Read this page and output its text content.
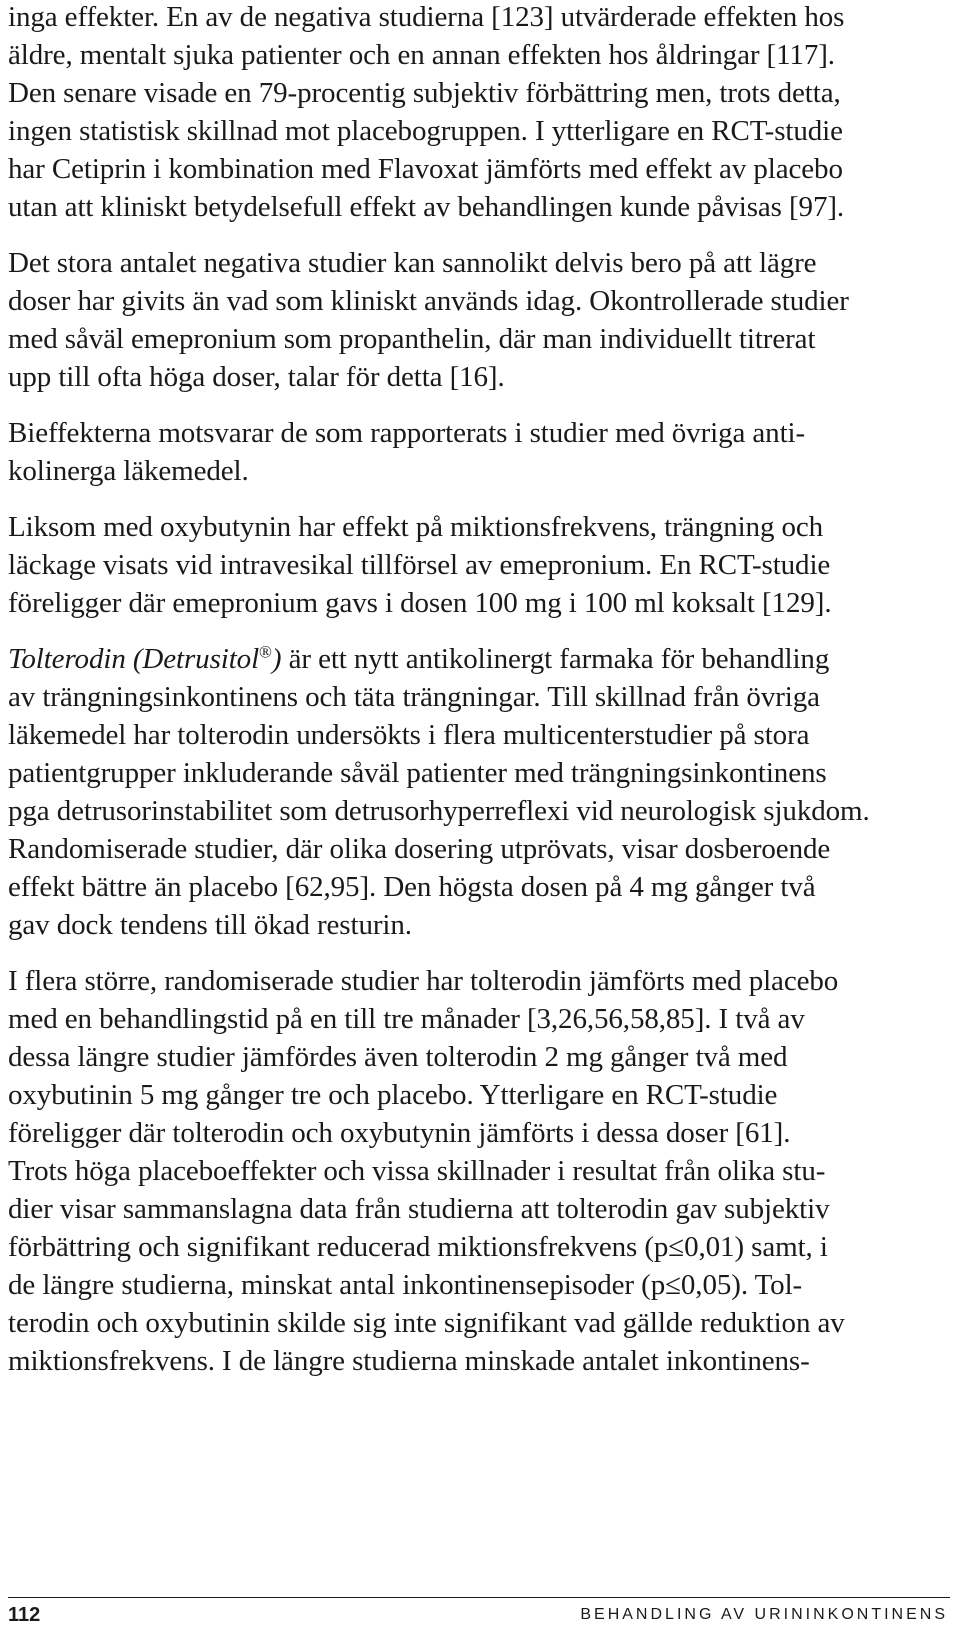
inga effekter. En av de negativa studierna [123] utvärderade effekten hos
äldre, mentalt sjuka patienter och en annan effekten hos åldringar [117].
Den senare visade en 79-procentig subjektiv förbättring men, trots detta,
ingen statistisk skillnad mot placebogruppen. I ytterligare en RCT-studie
har Cetiprin i kombination med Flavoxat jämförts med effekt av placebo
utan att kliniskt betydelsefull effekt av behandlingen kunde påvisas [97].

Det stora antalet negativa studier kan sannolikt delvis bero på att lägre
doser har givits än vad som kliniskt används idag. Okontrollerade studier
med såväl emepronium som propanthelin, där man individuellt titrerat
upp till ofta höga doser, talar för detta [16].

Bieffekterna motsvarar de som rapporterats i studier med övriga anti-
kolinerga läkemedel.

Liksom med oxybutynin har effekt på miktionsfrekvens, trängning och
läckage visats vid intravesikal tillförsel av emepronium. En RCT-studie
föreligger där emepronium gavs i dosen 100 mg i 100 ml koksalt [129].

Tolterodin (Detrusitol®) är ett nytt antikolinergt farmaka för behandling
av trängningsinkontinens och täta trängningar. Till skillnad från övriga
läkemedel har tolterodin undersökts i flera multicenterstudier på stora
patientgrupper inkluderande såväl patienter med trängningsinkontinens
pga detrusorinstabilitet som detrusorhyperreflexi vid neurologisk sjukdom.
Randomiserade studier, där olika dosering utprövats, visar dosberoende
effekt bättre än placebo [62,95]. Den högsta dosen på 4 mg gånger två
gav dock tendens till ökad resturin.

I flera större, randomiserade studier har tolterodin jämförts med placebo
med en behandlingstid på en till tre månader [3,26,56,58,85]. I två av
dessa längre studier jämfördes även tolterodin 2 mg gånger två med
oxybutinin 5 mg gånger tre och placebo. Ytterligare en RCT-studie
föreligger där tolterodin och oxybutynin jämförts i dessa doser [61].
Trots höga placeboeffekter och vissa skillnader i resultat från olika stu-
dier visar sammanslagna data från studierna att tolterodin gav subjektiv
förbättring och signifikant reducerad miktionsfrekvens (p≤0,01) samt, i
de längre studierna, minskat antal inkontinensepisoder (p≤0,05). Tol-
terodin och oxybutinin skilde sig inte signifikant vad gällde reduktion av
miktionsfrekvens. I de längre studierna minskade antalet inkontinens-

112	BEHANDLING AV URININKONTINENS
